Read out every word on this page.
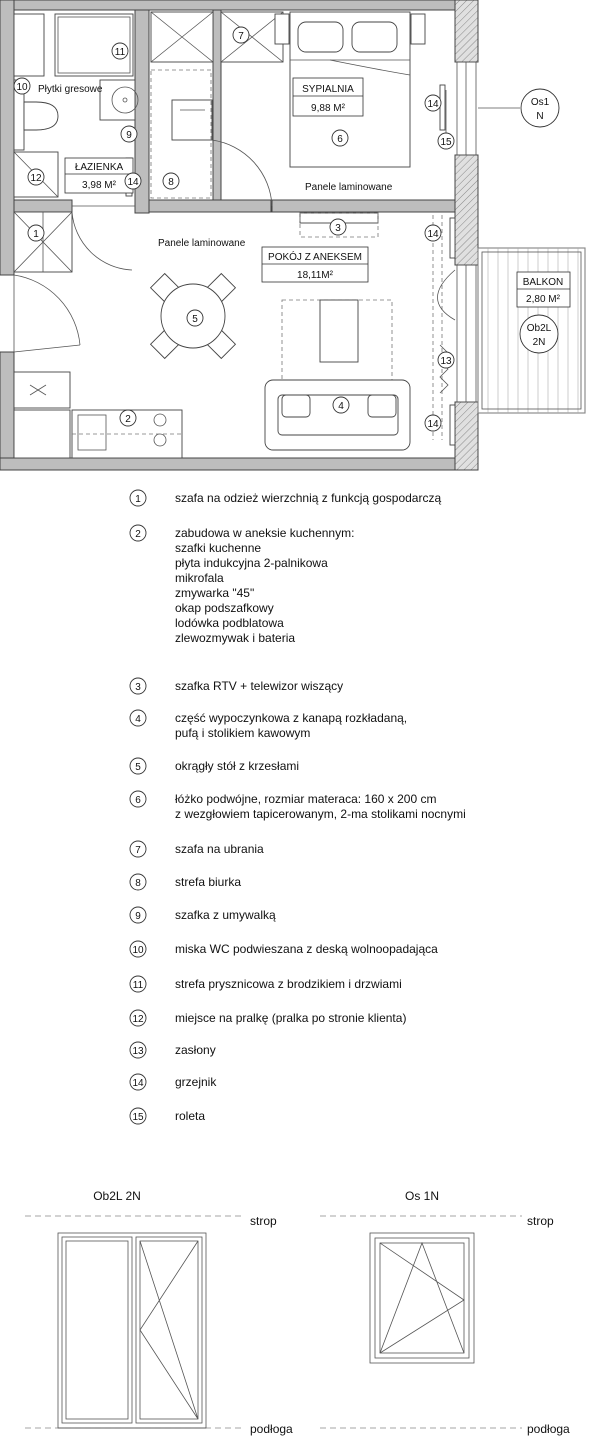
ŁAZIENKA
3,98 M²
SYPIALNIA
9,88 M²
POKÓJ Z ANEKSEM
18,11M²
BALKON
2,80 M²
Płytki gresowe
Panele laminowane
Panele laminowane
Os1
N
Ob2L
2N
11
7
10
9
12	14	8
6
14
15
3
14
1
5
13
4
14
2
1	szafa na odzież wierzchnią z funkcją gospodarczą
2	zabudowa w aneksie kuchennym:
szafki kuchenne
płyta indukcyjna 2-palnikowa
mikrofala
zmywarka "45"
okap podszafkowy
lodówka podblatowa
zlewozmywak i bateria
3	szafka RTV + telewizor wiszący
4	część wypoczynkowa z kanapą rozkładaną,
pufą i stolikiem kawowym
5	okrągły stół z krzesłami
6	łóżko podwójne, rozmiar materaca: 160 x 200 cm
z wezgłowiem tapicerowanym, 2-ma stolikami nocnymi
7	szafa na ubrania
8	strefa biurka
9	szafka z umywalką
10	miska WC podwieszana z deską wolnoopadająca
11	strefa prysznicowa z brodzikiem i drzwiami
12	miejsce na pralkę (pralka po stronie klienta)
13	zasłony
14	grzejnik
15	roleta
Ob2L 2N
strop
podłoga
Os 1N
strop
podłoga
